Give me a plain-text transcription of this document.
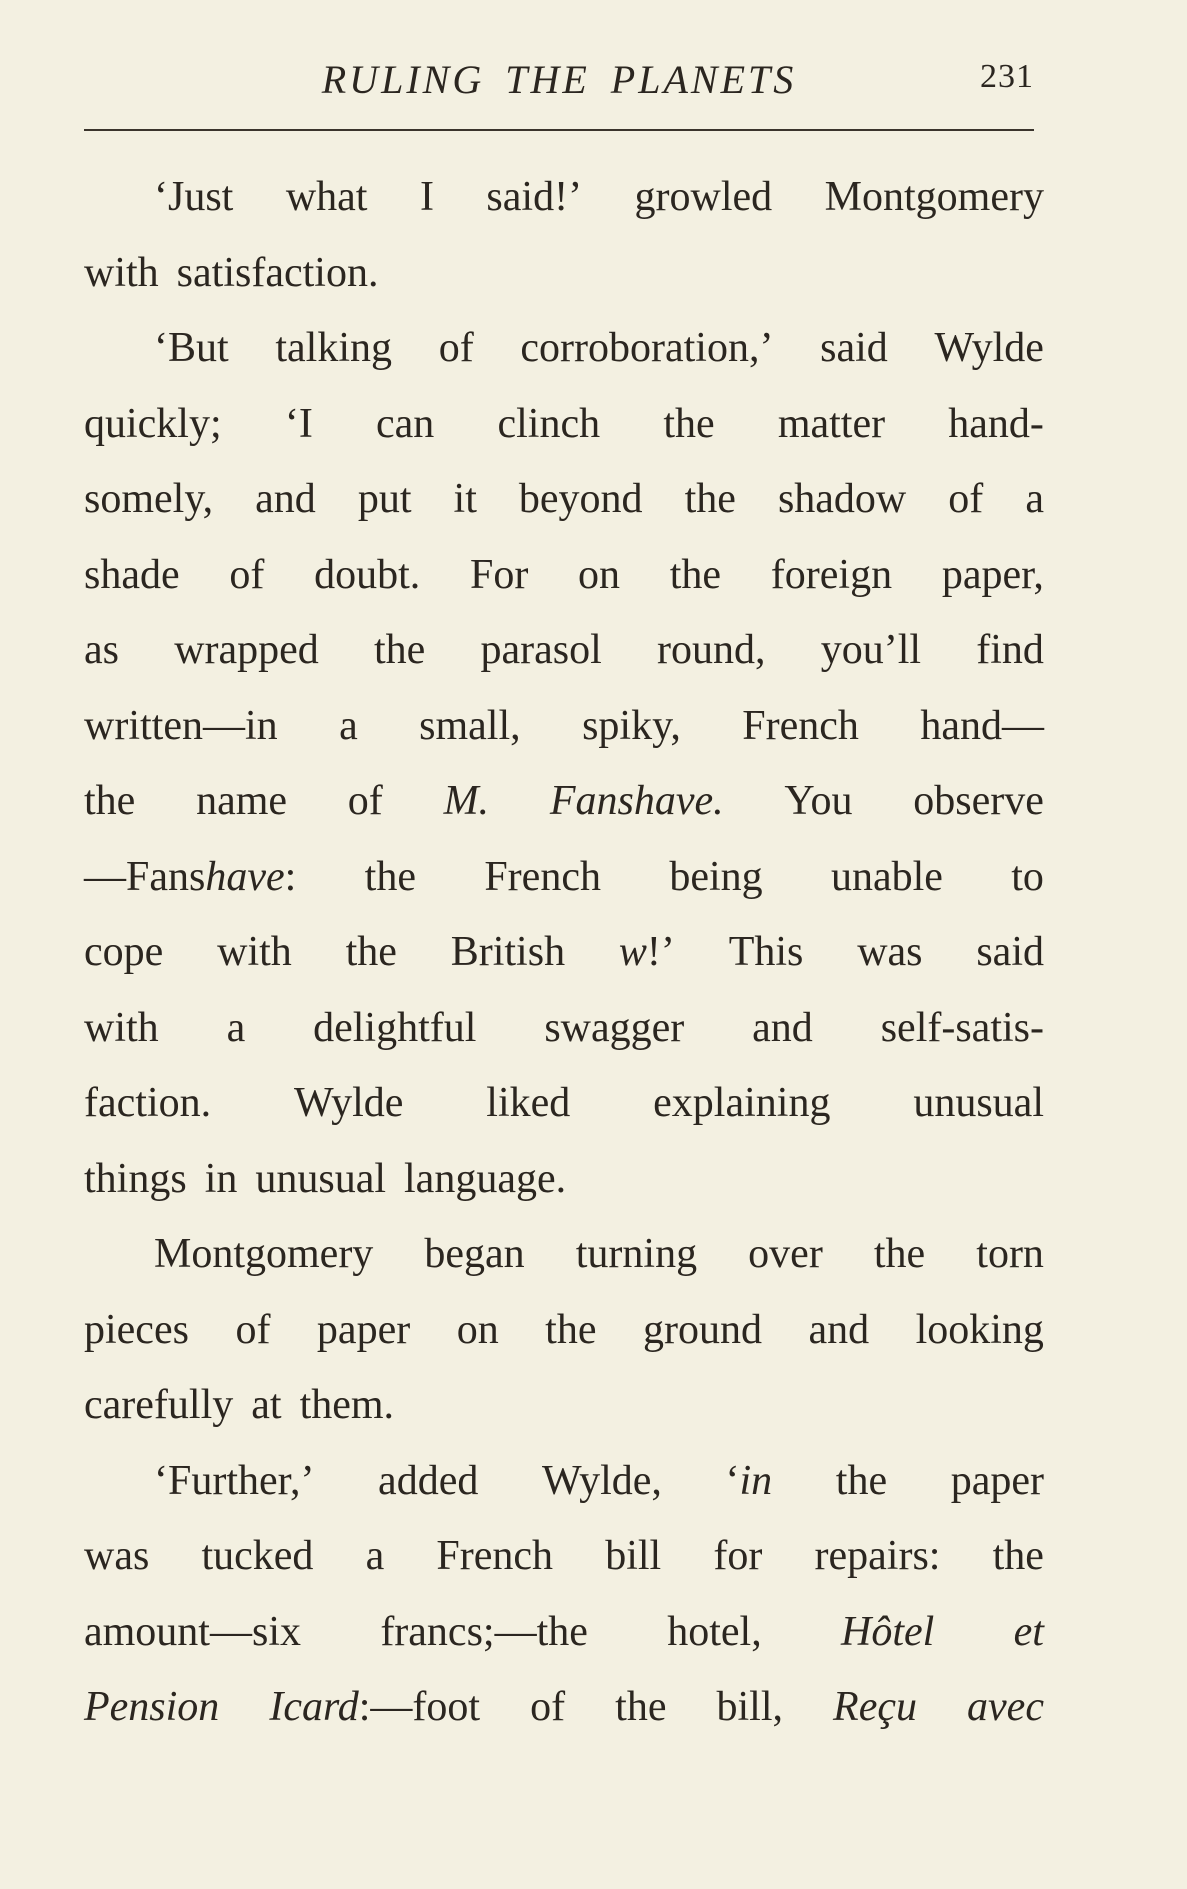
RULING THE PLANETS	231
‘Just what I said!’ growled Montgomery
with satisfaction.
‘But talking of corroboration,’ said Wylde
quickly; ‘I can clinch the matter hand-
somely, and put it beyond the shadow of a
shade of doubt. For on the foreign paper,
as wrapped the parasol round, you’ll find
written—in a small, spiky, French hand—
the name of M. Fanshave. You observe
—Fanshave: the French being unable to
cope with the British w!’ This was said
with a delightful swagger and self-satis-
faction. Wylde liked explaining unusual
things in unusual language.
Montgomery began turning over the torn
pieces of paper on the ground and looking
carefully at them.
‘Further,’ added Wylde, ‘in the paper
was tucked a French bill for repairs: the
amount—six francs;—the hotel, Hôtel et
Pension Icard:—foot of the bill, Reçu avec
